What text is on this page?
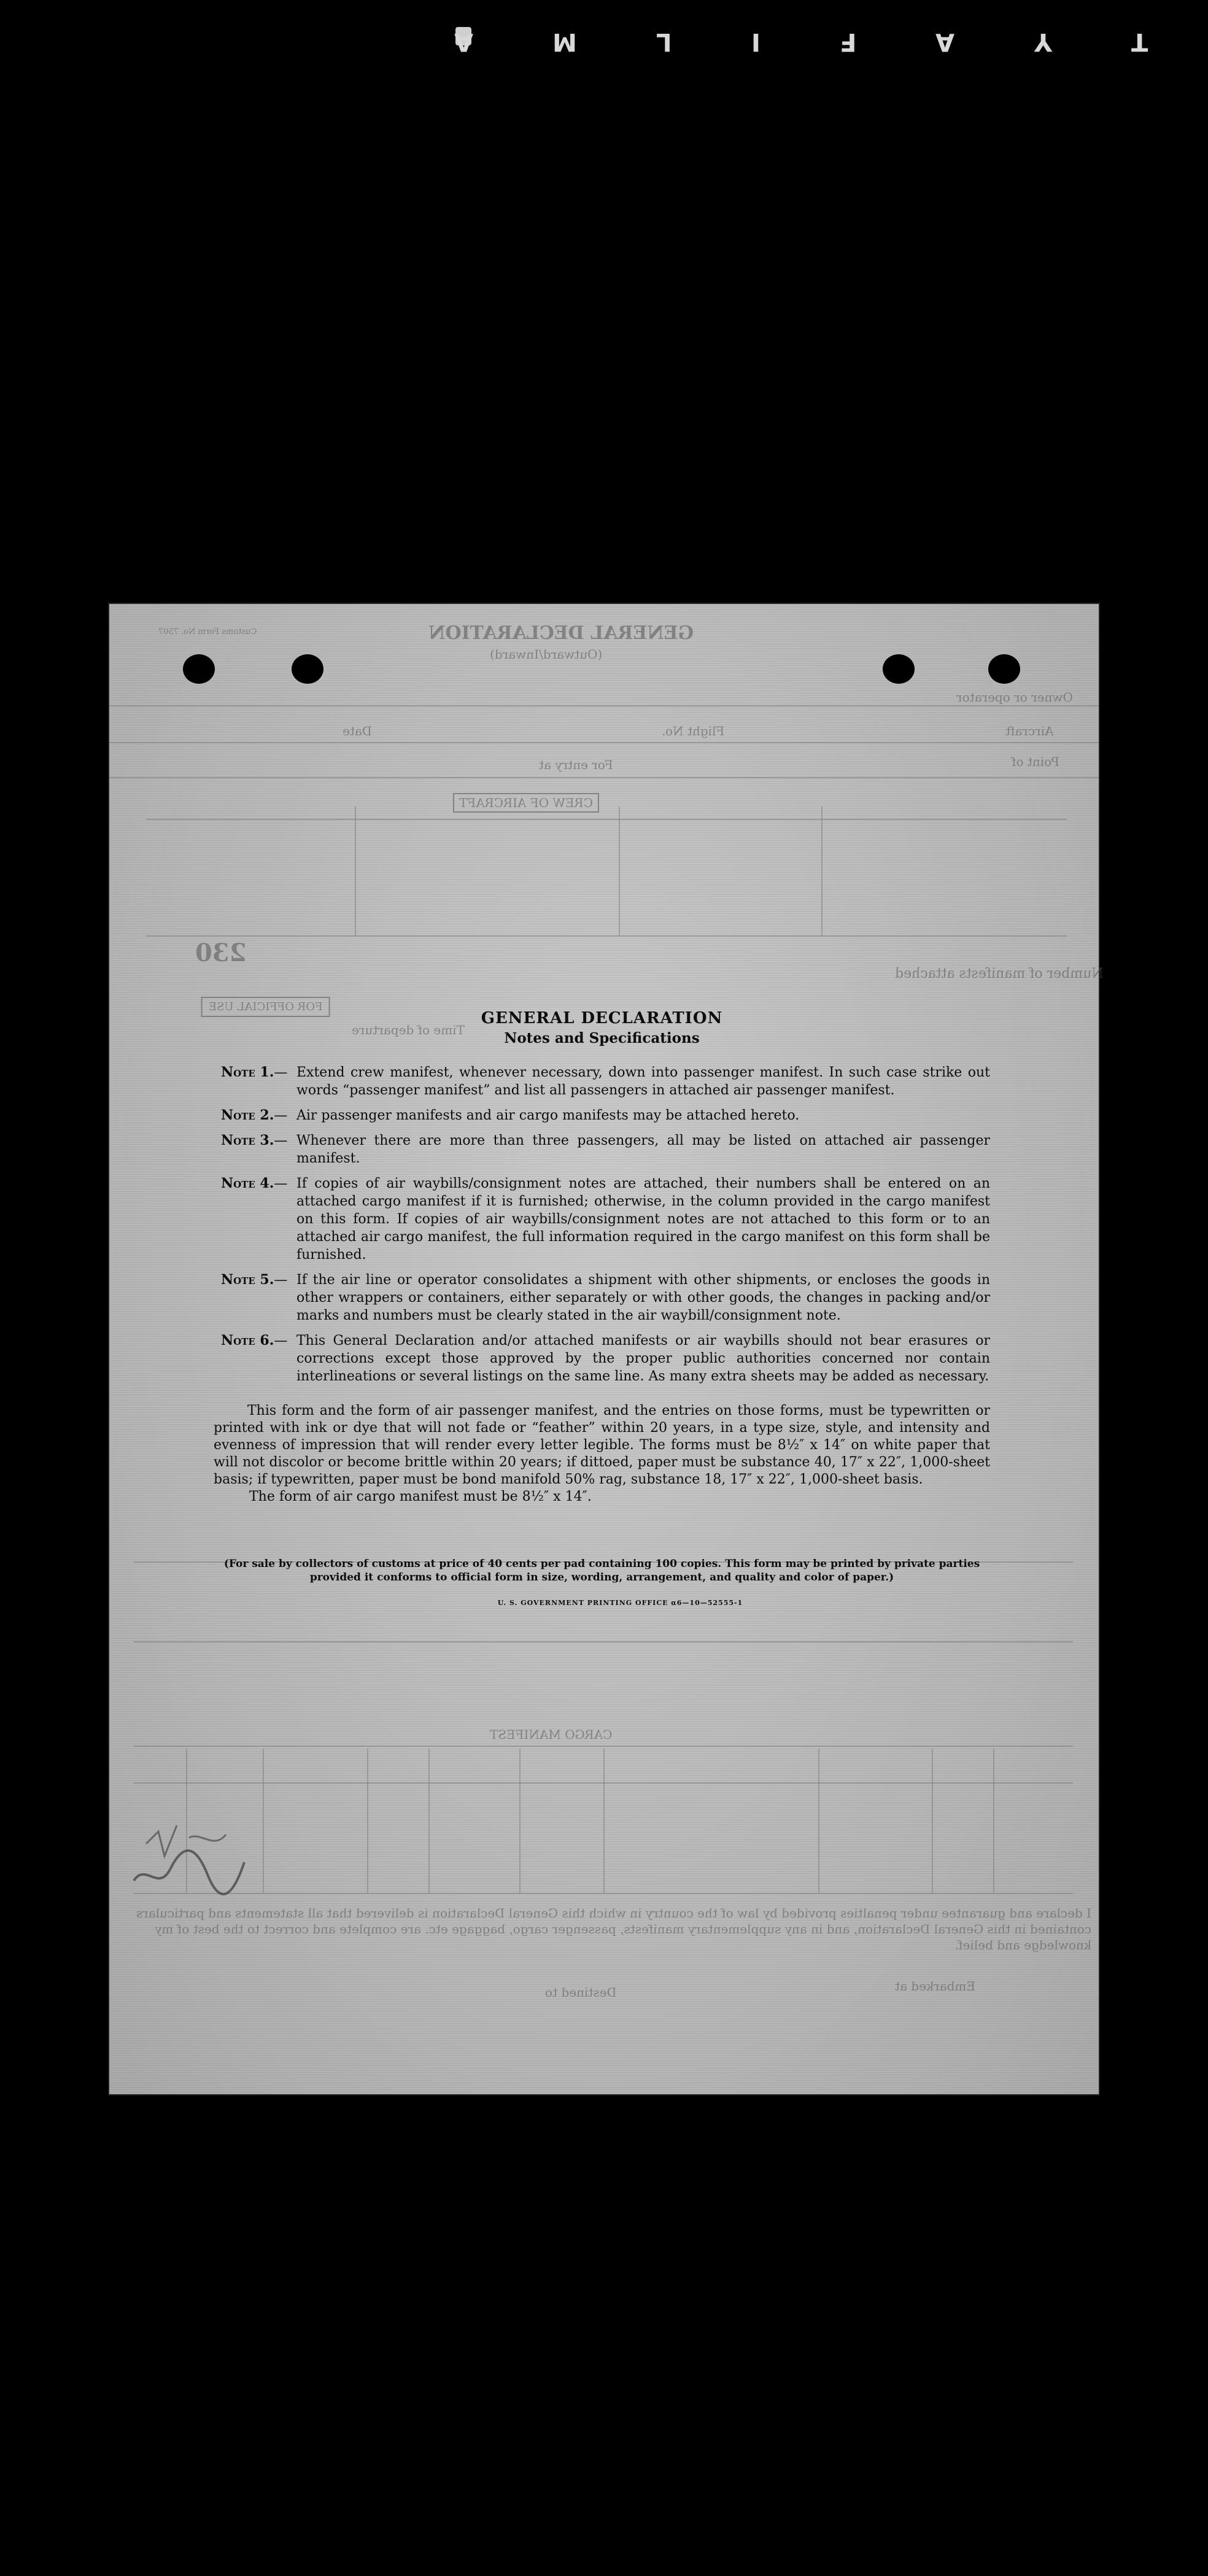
A	M	L	I	F	A	Y	T
GENERAL DECLARATION
(Outward/Inward)
Customs Form No. 7507
Owner or operator
Aircraft
Flight No.
Date
Point of
For entry at
CREW OF AIRCRAFT
Number of manifests attached
FOR OFFICIAL USE
Time of departure
230
CARGO MANIFEST
I declare and guarantee under penalties provided by law of the country in which this General Declaration is delivered that all statements and particulars contained in this General Declaration, and in any supplementary manifests, passenger cargo, baggage etc. are complete and correct to the best of my knowledge and belief.
Embarked at
Destined to
GENERAL DECLARATION
Notes and Specifications
Note 1.— Extend crew manifest, whenever necessary, down into passenger manifest. In such case strike out words “passenger manifest” and list all passengers in attached air passenger manifest.
Note 2.— Air passenger manifests and air cargo manifests may be attached hereto.
Note 3.— Whenever there are more than three passengers, all may be listed on attached air passenger manifest.
Note 4.— If copies of air waybills/consignment notes are attached, their numbers shall be entered on an attached cargo manifest if it is furnished; otherwise, in the column provided in the cargo manifest on this form. If copies of air waybills/consignment notes are not attached to this form or to an attached air cargo manifest, the full information required in the cargo manifest on this form shall be furnished.
Note 5.— If the air line or operator consolidates a shipment with other shipments, or encloses the goods in other wrappers or containers, either separately or with other goods, the changes in packing and/or marks and numbers must be clearly stated in the air waybill/consignment note.
Note 6.— This General Declaration and/or attached manifests or air waybills should not bear erasures or corrections except those approved by the proper public authorities concerned nor contain interlineations or several listings on the same line. As many extra sheets may be added as necessary.
This form and the form of air passenger manifest, and the entries on those forms, must be typewritten or printed with ink or dye that will not fade or “feather” within 20 years, in a type size, style, and intensity and evenness of impression that will render every letter legible. The forms must be 8½″ x 14″ on white paper that will not discolor or become brittle within 20 years; if dittoed, paper must be substance 40, 17″ x 22″, 1,000-sheet basis; if typewritten, paper must be bond manifold 50% rag, substance 18, 17″ x 22″, 1,000-sheet basis.
The form of air cargo manifest must be 8½″ x 14″.
(For sale by collectors of customs at price of 40 cents per pad containing 100 copies. This form may be printed by private parties provided it conforms to official form in size, wording, arrangement, and quality and color of paper.)
U. S. GOVERNMENT PRINTING OFFICE α6—10—52555-1
